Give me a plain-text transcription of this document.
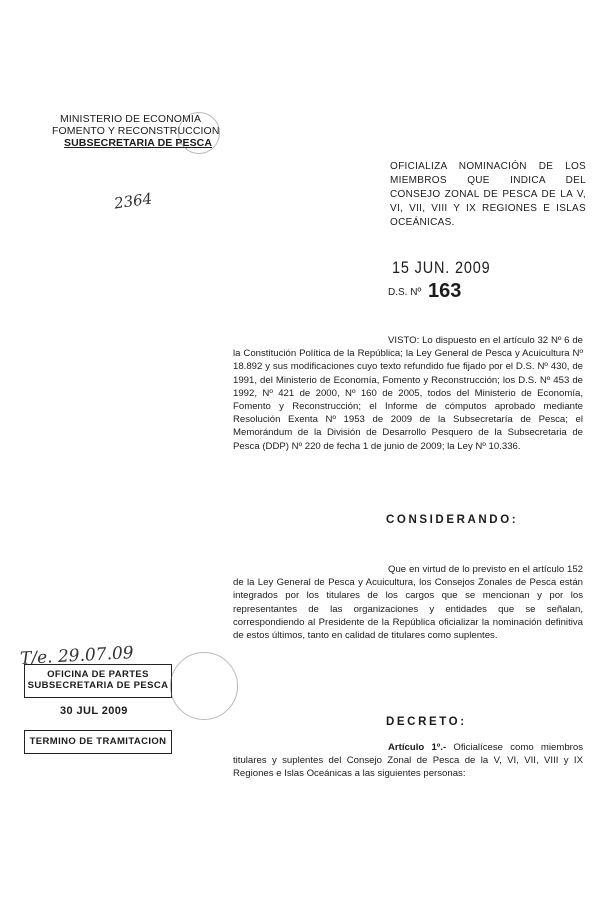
MINISTERIO DE ECONOMIA
FOMENTO Y RECONSTRUCCION
SUBSECRETARIA DE PESCA
2364
OFICIALIZA NOMINACIÓN DE LOS MIEMBROS QUE INDICA DEL CONSEJO ZONAL DE PESCA DE LA V, VI, VII, VIII Y IX REGIONES E ISLAS OCEÁNICAS.
15 JUN. 2009
D.S. Nº 163
VISTO: Lo dispuesto en el artículo 32 Nº 6 de la Constitución Política de la República; la Ley General de Pesca y Acuicultura Nº 18.892 y sus modificaciones cuyo texto refundido fue fijado por el D.S. Nº 430, de 1991, del Ministerio de Economía, Fomento y Reconstrucción; los D.S. Nº 453 de 1992, Nº 421 de 2000, Nº 160 de 2005, todos del Ministerio de Economía, Fomento y Reconstrucción; el Informe de cómputos aprobado mediante Resolución Exenta Nº 1953 de 2009 de la Subsecretaría de Pesca; el Memorándum de la División de Desarrollo Pesquero de la Subsecretaria de Pesca (DDP) Nº 220 de fecha 1 de junio de 2009; la Ley Nº 10.336.
CONSIDERANDO:
Que en virtud de lo previsto en el artículo 152 de la Ley General de Pesca y Acuicultura, los Consejos Zonales de Pesca están integrados por los titulares de los cargos que se mencionan y por los representantes de las organizaciones y entidades que se señalan, correspondiendo al Presidente de la República oficializar la nominación definitiva de estos últimos, tanto en calidad de titulares como suplentes.
T/e. 29.07.09
OFICINA DE PARTES
SUBSECRETARIA DE PESCA
30 JUL 2009
TERMINO DE TRAMITACION
DECRETO:
Artículo 1º.- Oficialícese como miembros titulares y suplentes del Consejo Zonal de Pesca de la V, VI, VII, VIII y IX Regiones e Islas Oceánicas a las siguientes personas:
